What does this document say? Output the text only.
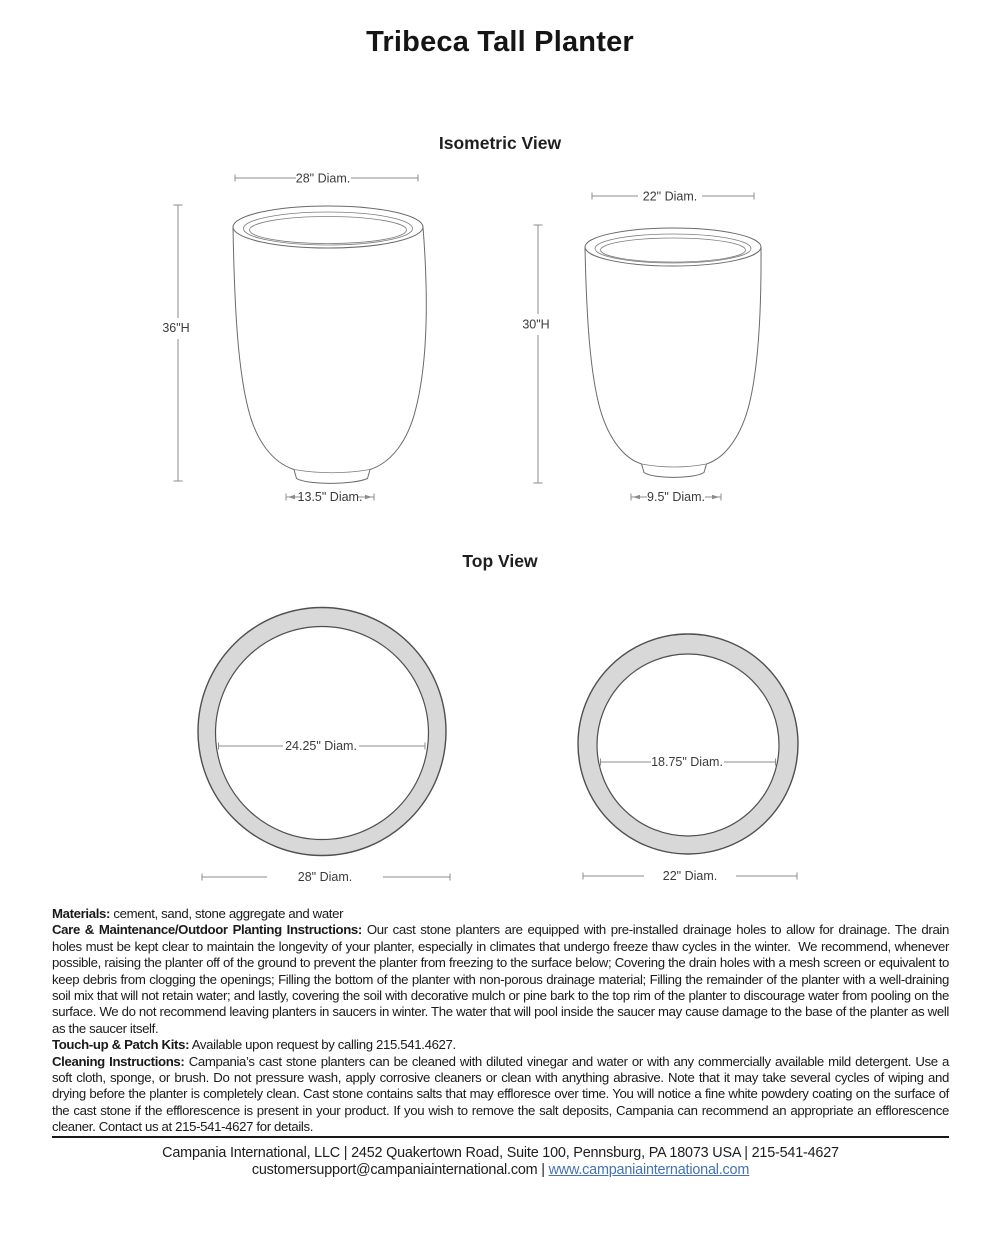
Tribeca Tall Planter
Isometric View
Top View
28" Diam.
36"H
13.5" Diam.
22" Diam.
30"H
9.5" Diam.
24.25" Diam.
28" Diam.
18.75" Diam.
22" Diam.

Materials: cement, sand, stone aggregate and water

Care & Maintenance/Outdoor Planting Instructions: Our cast stone planters are equipped with pre-installed drainage holes to allow for drainage. The drain holes must be kept clear to maintain the longevity of your planter, especially in climates that undergo freeze thaw cycles in the winter.  We recommend, whenever possible, raising the planter off of the ground to prevent the planter from freezing to the surface below; Covering the drain holes with a mesh screen or equivalent to keep debris from clogging the openings; Filling the bottom of the planter with non-porous drainage material; Filling the remainder of the planter with a well-draining soil mix that will not retain water; and lastly, covering the soil with decorative mulch or pine bark to the top rim of the planter to discourage water from pooling on the surface. We do not recommend leaving planters in saucers in winter. The water that will pool inside the saucer may cause damage to the base of the planter as well as the saucer itself.

Touch-up & Patch Kits: Available upon request by calling 215.541.4627.

Cleaning Instructions: Campania’s cast stone planters can be cleaned with diluted vinegar and water or with any commercially available mild detergent. Use a soft cloth, sponge, or brush. Do not pressure wash, apply corrosive cleaners or clean with anything abrasive. Note that it may take several cycles of wiping and drying before the planter is completely clean. Cast stone contains salts that may effloresce over time. You will notice a fine white powdery coating on the surface of the cast stone if the efflorescence is present in your product. If you wish to remove the salt deposits, Campania can recommend an appropriate an efflorescence cleaner. Contact us at 215-541-4627 for details.

Campania International, LLC | 2452 Quakertown Road, Suite 100, Pennsburg, PA 18073 USA | 215-541-4627
customersupport@campaniainternational.com | www.campaniainternational.com
